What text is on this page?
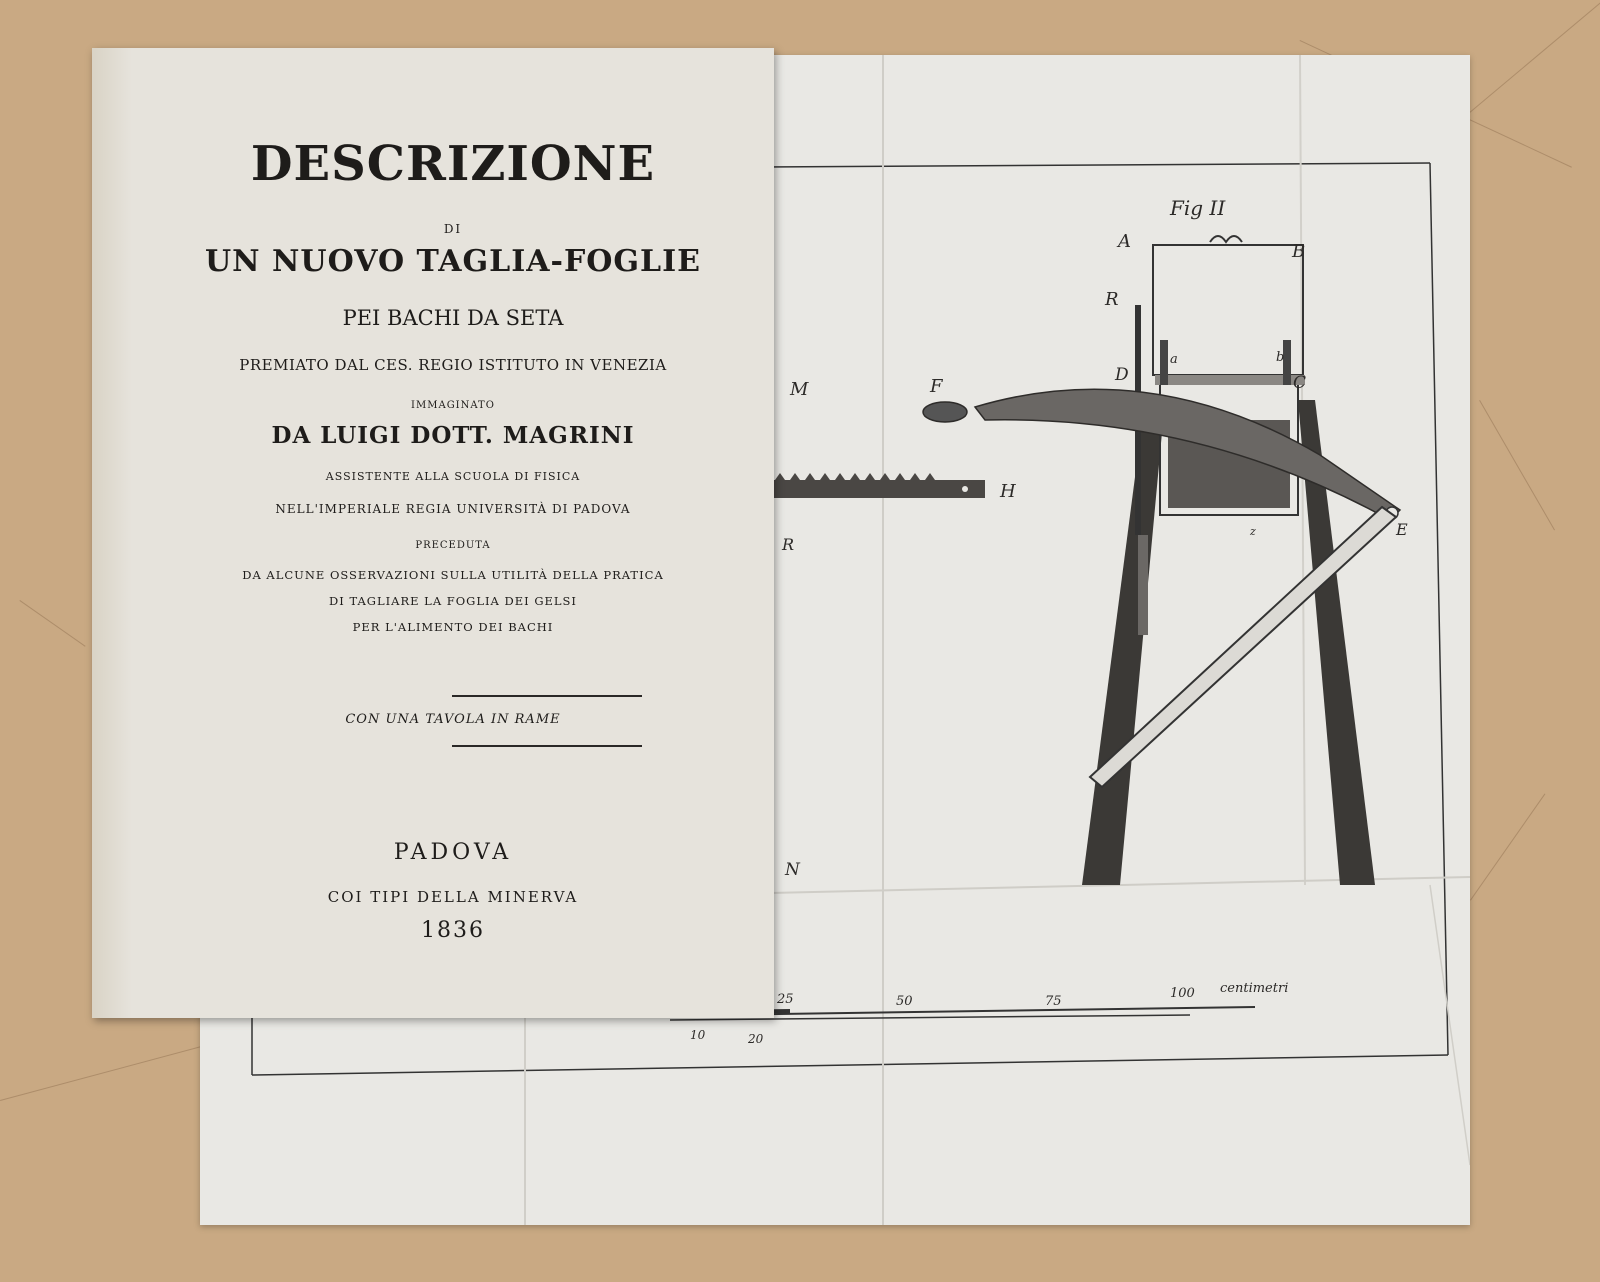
Fig II
A	B
R
D	C
a	b
F
E
M
H
R
N
z
25	50	75
100 centimetri
10	20
DESCRIZIONE
DI
UN NUOVO TAGLIA-FOGLIE
PEI BACHI DA SETA
PREMIATO DAL CES. REGIO ISTITUTO IN VENEZIA
IMMAGINATO
DA LUIGI DOTT. MAGRINI
ASSISTENTE ALLA SCUOLA DI FISICA
NELL'IMPERIALE REGIA UNIVERSITÀ DI PADOVA
PRECEDUTA
DA ALCUNE OSSERVAZIONI SULLA UTILITÀ DELLA PRATICA
DI TAGLIARE LA FOGLIA DEI GELSI
PER L'ALIMENTO DEI BACHI
CON UNA TAVOLA IN RAME
PADOVA
COI TIPI DELLA MINERVA
1836
